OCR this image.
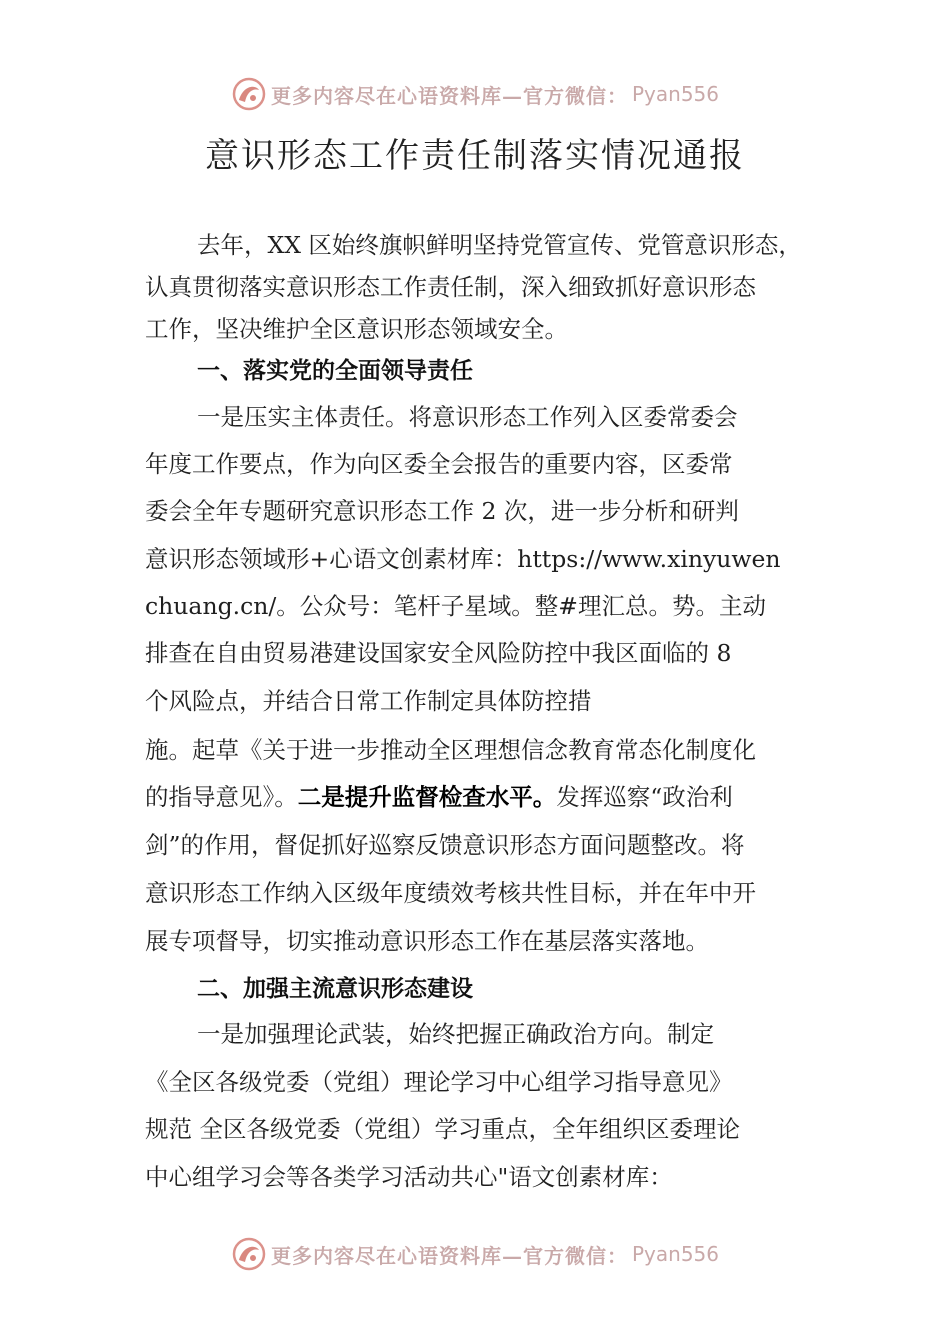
更多内容尽在心语资料库—官方微信： Pyan556
意识形态工作责任制落实情况通报
去年，XX 区始终旗帜鲜明坚持党管宣传、党管意识形态，
认真贯彻落实意识形态工作责任制，深入细致抓好意识形态
工作，坚决维护全区意识形态领域安全。
一、落实党的全面领导责任
一是压实主体责任。将意识形态工作列入区委常委会
年度工作要点，作为向区委全会报告的重要内容，区委常
委会全年专题研究意识形态工作 2 次，进一步分析和研判
意识形态领域形+心语文创素材库：https://www.xinyuwen
chuang.cn/。公众号：笔杆子星域。整#理汇总。势。主动
排查在自由贸易港建设国家安全风险防控中我区面临的 8
个风险点，并结合日常工作制定具体防控措
施。起草《关于进一步推动全区理想信念教育常态化制度化
的指导意见》。二是提升监督检查水平。发挥巡察“政治利
剑”的作用，督促抓好巡察反馈意识形态方面问题整改。将
意识形态工作纳入区级年度绩效考核共性目标，并在年中开
展专项督导，切实推动意识形态工作在基层落实落地。
二、加强主流意识形态建设
一是加强理论武装，始终把握正确政治方向。制定
《全区各级党委（党组）理论学习中心组学习指导意见》
规范 全区各级党委（党组）学习重点，全年组织区委理论
中心组学习会等各类学习活动共心"语文创素材库：
更多内容尽在心语资料库—官方微信： Pyan556
